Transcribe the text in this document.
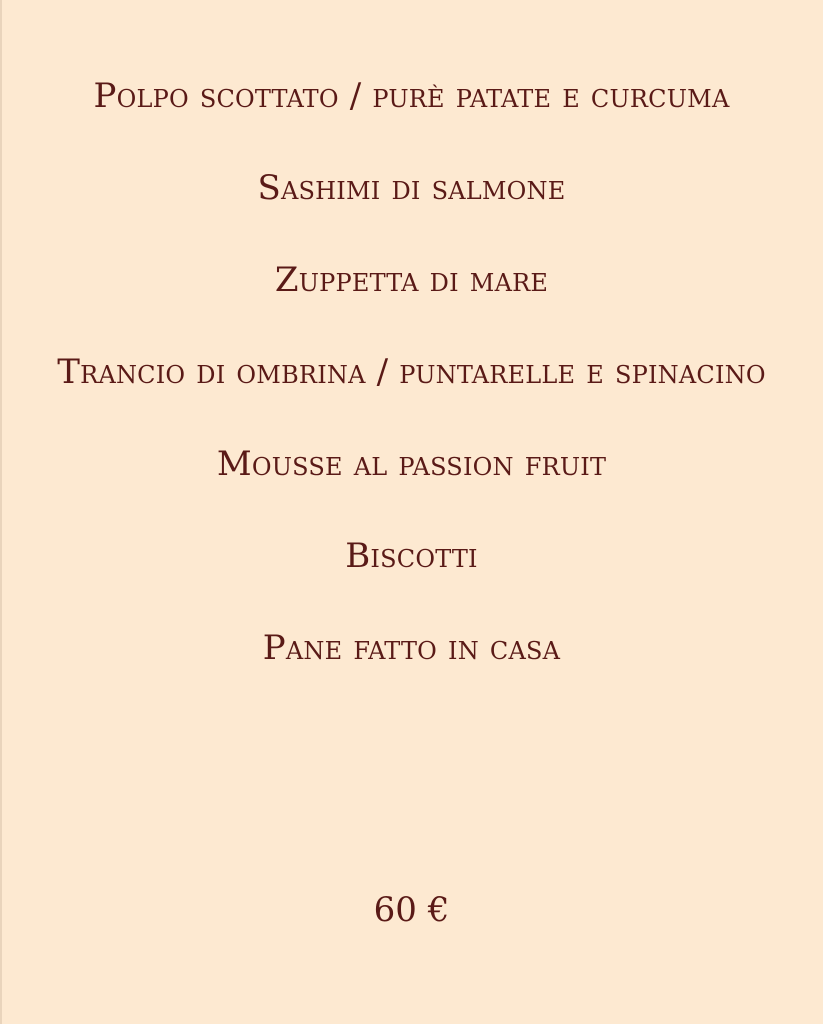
Polpo scottato / purè patate e curcuma
Sashimi di salmone
Zuppetta di mare
Trancio di ombrina / puntarelle e spinacino
Mousse al passion fruit
Biscotti
Pane fatto in casa
60 €
